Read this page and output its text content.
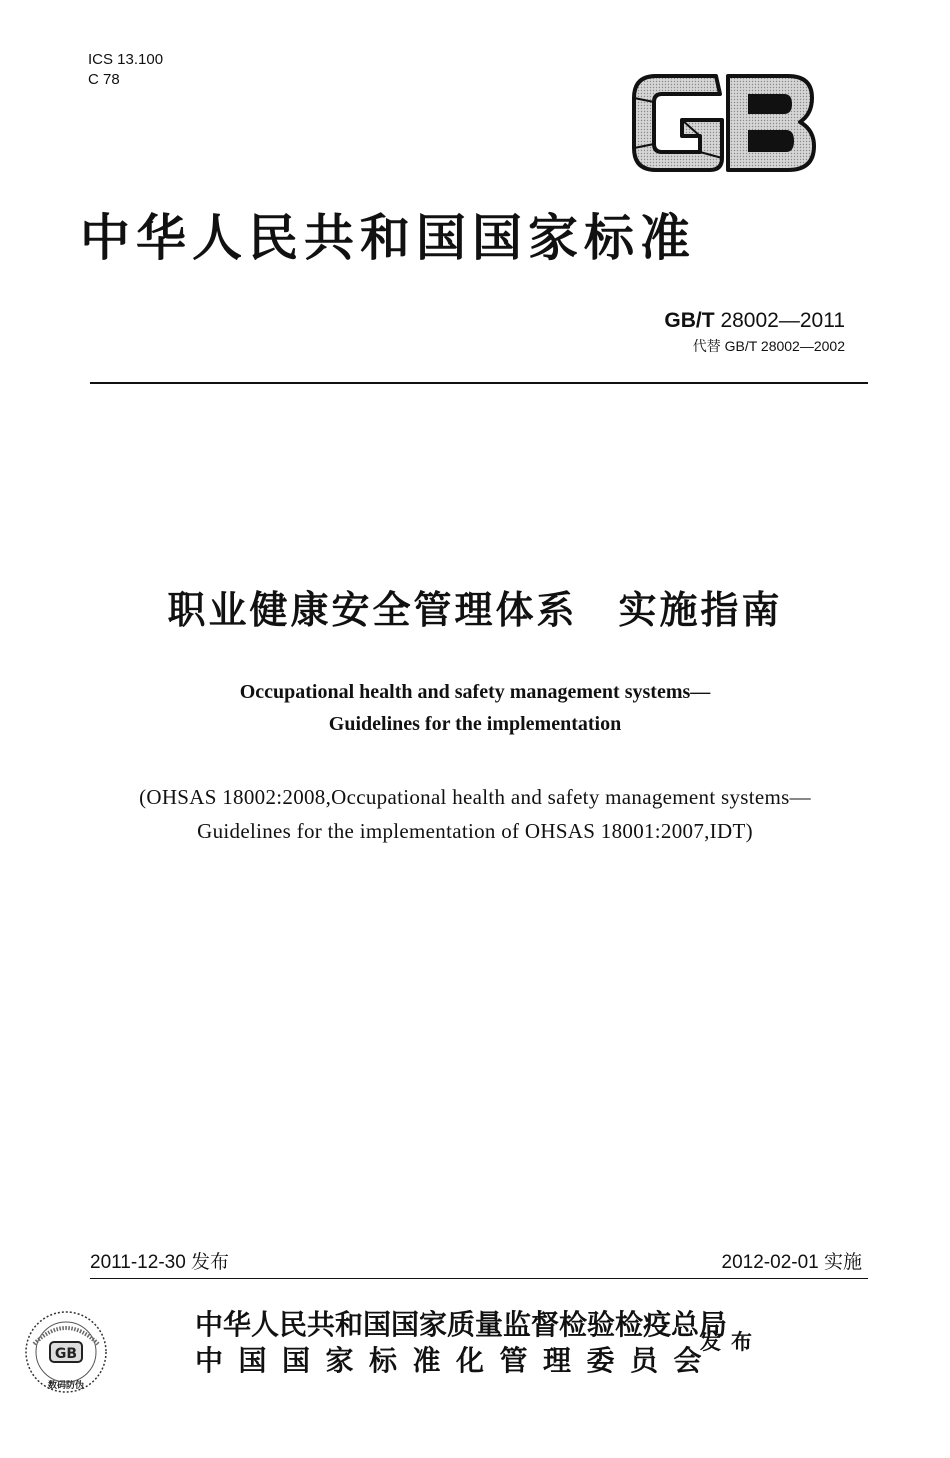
ICS 13.100
C 78
GB
中华人民共和国国家标准
GB/T 28002—2011
代替 GB/T 28002—2002
职业健康安全管理体系　实施指南
Occupational health and safety management systems—
Guidelines for the implementation
(OHSAS 18002:2008,Occupational health and safety management systems—
Guidelines for the implementation of OHSAS 18001:2007,IDT)
2011-12-30 发布	2012-02-01 实施
GB
数码防伪
中华人民共和国国家质量监督检验检疫总局
中国国家标准化管理委员会
发布
